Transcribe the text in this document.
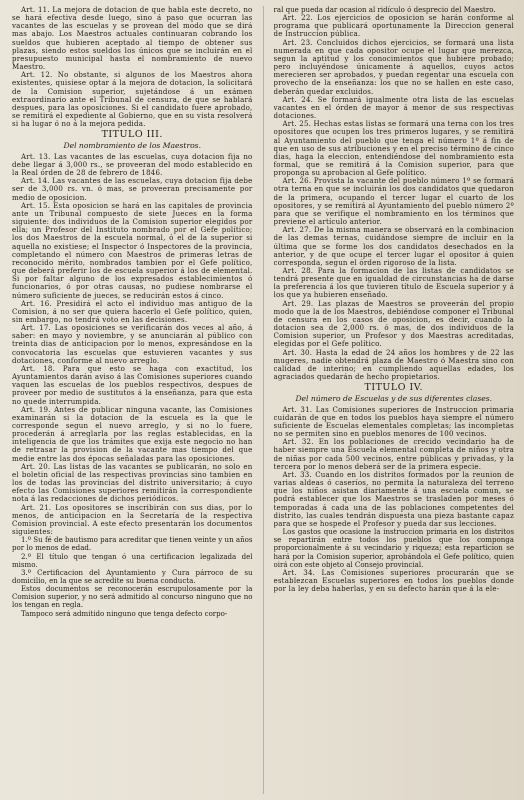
Art. 11. La mejora de dotacion de que habla este decreto, no se hará efectiva desde luego, sino á paso que ocurran las vacantes de las escuelas y se provean del modo que se dirá mas abajo. Los Maestros actuales continuaran cobrando los sueldos que hubieren aceptado al tiempo de obtener sus plazas, siendo estos sueldos los únicos que se incluirán en el presupuesto municipal hasta el nombramiento de nuevo Maestro.

Art. 12. No obstante, si algunos de los Maestros ahora existentes, quisiese optar á la mejora de dotacion, la solicitará de la Comision superior, sujetándose á un exámen extraordinario ante el Tribunal de censura, de que se hablará despues, para las oposiciones. Si el candidato fuere aprobado, se remitirá el expediente al Gobierno, que en su vista resolverá si ha lugar ó no á la mejora pedida.

TITULO III.
Del nombramiento de los Maestros.

Art. 13. Las vacantes de las escuelas, cuya dotacion fija no debe llegar á 3,000 rs., se proveeran del modo establecido en la Real órden de 28 de febrero de 1846.

Art. 14. Las vacantes de las escuelas, cuya dotacion fija debe ser de 3,000 rs. vn. ó mas, se proveeran precisamente por medio de oposicion.

Art. 15. Esta oposicion se hará en las capitales de provincia ante un Tribunal compuesto de siete Jueces en la forma siguiente: dos individuos de la Comision superior elegidos por ella; un Profesor del Instituto nombrado por el Gefe político; los dos Maestros de la escuela normal, ó el de la superior si aquella no existiese; el Inspector ó Inspectores de la provincia, completando el número con Maestros de primeras letras de reconocido mérito, nombrados tambien por el Gefe político, que deberá preferir los de escuela superior á los de elemental. Si por faltar alguno de los expresados establecimientos ó funcionarios, ó por otras causas, no pudiese nombrarse el número suficiente de jueces, se reducirán estos á cinco.

Art. 16. Presidirá el acto el individuo mas antiguo de la Comision, á no ser que quiera hacerlo el Gefe político, quien, sin embargo, no tendrá voto en las decisiones.

Art. 17. Las oposiciones se verificarán dos veces al año, á saber: en mayo y noviembre, y se anunciarán al público con treinta dias de anticipacion por lo menos, expresándose en la convocatoria las escuelas que estuvieren vacantes y sus dotaciones, conforme al nuevo arreglo.

Art. 18. Para que esto se haga con exactitud, los Ayuntamientos darán aviso á las Comisiones superiores cuando vaquen las escuelas de los pueblos respectivos, despues de proveer por medio de sustitutos á la enseñanza, para que esta no quede interrumpida.

Art. 19. Antes de publicar ninguna vacante, las Comisiones examinarán si la dotacion de la escuela es la que le corresponde segun el nuevo arreglo, y si no lo fuere, procederán á arreglarla por las reglas establecidas, en la inteligencia de que los trámites que exija este negocio no han de retrasar la provision de la vacante mas tiempo del que medie entre las dos épocas señaladas para las oposiciones.

Art. 20. Las listas de las vacantes se publicarán, no solo en el boletin oficial de las respectivas provincias sino tambien en los de todas las provincias del distrito universitario; á cuyo efecto las Comisiones superiores remitirán la correspondiente nota á las redacciones de dichos periódicos.

Art. 21. Los opositores se inscribirán con sus dias, por lo menos, de anticipacion en la Secretaría de la respectiva Comision provincial. A este efecto presentarán los documentos siguientes:

1.º Su fé de bautismo para acreditar que tienen veinte y un años por lo menos de edad.

2.º El título que tengan ó una certificacion legalizada del mismo.

3.º Certificacion del Ayuntamiento y Cura párroco de su domicilio, en la que se acredite su buena conducta.

Estos documentos se reconocerán escrupulosamente por la Comision superior, y no será admitido al concurso ninguno que no los tengan en regla.

Tampoco será admitido ninguno que tenga defecto corpo-

ral que pueda dar ocasion al ridículo ó desprecio del Maestro.

Art. 22. Los ejercicios de oposicion se harán conforme al programa que publicará oportunamente la Direccion general de Instruccion pública.

Art. 23. Concluidos dichos ejercicios, se formará una lista numerada en que cada opositor ocupe el lugar que merezca, segun la aptitud y los conocimientos que hubiere probado; pero incluyéndose únicamente á aquellos, cuyos actos merecieren ser aprobados, y puedan regentar una escuela con provecho de la enseñanza: los que no se hallen en este caso, deberán quedar excluidos.

Art. 24. Se formará igualmente otra lista de las escuelas vacantes en el órden de mayor á menor de sus respectivas dotaciones.

Art. 25. Hechas estas listas se formará una terna con los tres opositores que ocupen los tres primeros lugares, y se remitirá al Ayuntamiento del pueblo que tenga el número 1º á fin de que en uso de sus atribuciones y en el preciso término de cinco dias, haga la eleccion, entendiéndose del nombramiento esta formal, que se remitirá á la Comision superior, para que proponga su aprobacion al Gefe político.

Art. 26. Provista la vacante del pueblo número 1º se formará otra terna en que se incluirán los dos candidatos que quedaron de la primera, ocupando el tercer lugar el cuarto de los opositores, y se remitirá al Ayuntamiento del pueblo número 2º para que se verifique el nombramiento en los términos que previene el artículo anterior.

Art. 27. De la misma manera se observará en la combinacion de las demas ternas, cuidándose siempre de incluir en la última que se forme los dos candidatos desechados en la anterior, y de que ocupe el tercer lugar el opositor á quien corresponda, segun el órden rigoroso de la lista.

Art. 28. Para la formacion de las listas de candidatos se tendrá presente que en igualdad de circunstancias ha de darse la preferencia á los que tuvieren título de Escuela superior y á los que ya hubieren enseñado.

Art. 29. Las plazas de Maestros se proveerán del propio modo que la de los Maestros, debiéndose componer el Tribunal de censura en los casos de oposicion, es decir, cuando la dotacion sea de 2,000 rs. ó mas, de dos individuos de la Comision superior, un Profesor y dos Maestras acreditadas, elegidas por el Gefe político.

Art. 30. Hasta la edad de 24 años los hombres y de 22 las mugeres, nadie obtendrá plaza de Maestro ó Maestra sino con calidad de interino; en cumpliendo aquellas edades, los agraciados quedarán de hecho propietarios.

TITULO IV.
Del número de Escuelas y de sus diferentes clases.

Art. 31. Las Comisiones superiores de Instruccion primaria cuidarán de que en todos los pueblos haya siempre el número suficiente de Escuelas elementales completas; las incompletas no se permiten sino en pueblos menores de 100 vecinos.

Art. 32. En los poblaciones de crecido vecindario ha de haber siempre una Escuela elemental completa de niños y otra de niñas por cada 500 vecinos, entre públicas y privadas, y la tercera por lo menos deberá ser de la primera especie.

Art. 33. Cuando en los distritos formados por la reunion de varias aldeas ó caseríos, no permita la naturaleza del terreno que los niños asistan diariamente á una escuela comun, se podrá establecer que los Maestros se trasladen por meses ó temporadas á cada una de las poblaciones competentes del distrito, las cuales tendrán dispuesta una pieza bastante capaz para que se hospede el Profesor y pueda dar sus lecciones.

Los gastos que ocasione la instruccion primaria en los distritos se repartirán entre todos los pueblos que los componga proporcionalmente á su vecindario y riqueza; esta reparticion se hará por la Comision superior, aprobándola el Gefe político, quien oirá con este objeto al Consejo provincial.

Art. 34. Las Comisiones superiores procurarán que se establezcan Escuelas superiores en todos los pueblos donde por la ley deba haberlas, y en su defecto harán que á la ele-
